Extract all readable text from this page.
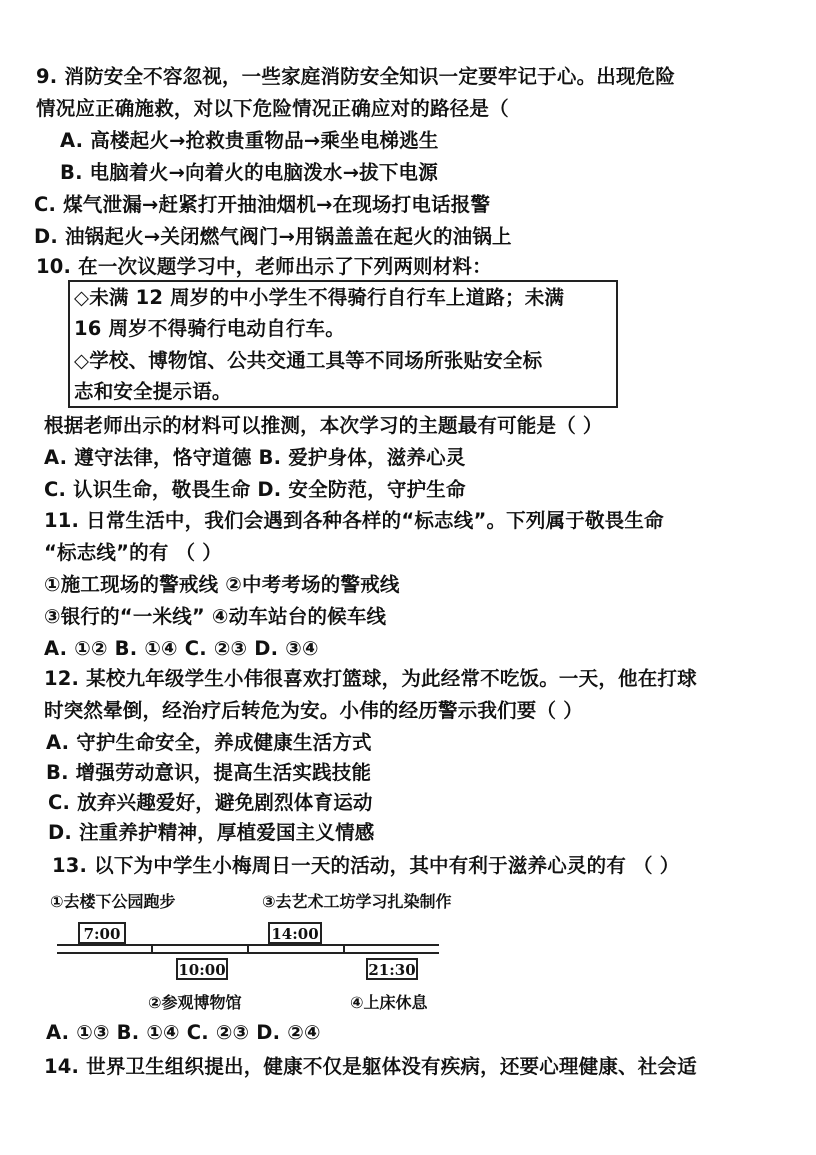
9. 消防安全不容忽视，一些家庭消防安全知识一定要牢记于心。出现危险
情况应正确施救，对以下危险情况正确应对的路径是（
A. 高楼起火→抢救贵重物品→乘坐电梯逃生
B. 电脑着火→向着火的电脑泼水→拔下电源
C. 煤气泄漏→赶紧打开抽油烟机→在现场打电话报警
D. 油锅起火→关闭燃气阀门→用锅盖盖在起火的油锅上
10. 在一次议题学习中，老师出示了下列两则材料：
◇未满 12 周岁的中小学生不得骑行自行车上道路；未满
16 周岁不得骑行电动自行车。
◇学校、博物馆、公共交通工具等不同场所张贴安全标
志和安全提示语。
根据老师出示的材料可以推测，本次学习的主题最有可能是（ ）
A. 遵守法律，恪守道德 B. 爱护身体，滋养心灵
C. 认识生命，敬畏生命 D. 安全防范，守护生命
11. 日常生活中，我们会遇到各种各样的“标志线”。下列属于敬畏生命
“标志线”的有 （ ）
①施工现场的警戒线 ②中考考场的警戒线
③银行的“一米线” ④动车站台的候车线
A. ①② B. ①④ C. ②③ D. ③④
12. 某校九年级学生小伟很喜欢打篮球，为此经常不吃饭。一天，他在打球
时突然晕倒，经治疗后转危为安。小伟的经历警示我们要（ ）
A. 守护生命安全，养成健康生活方式
B. 增强劳动意识，提高生活实践技能
C. 放弃兴趣爱好，避免剧烈体育运动
D. 注重养护精神，厚植爱国主义情感
13. 以下为中学生小梅周日一天的活动，其中有利于滋养心灵的有 （ ）
①去楼下公园跑步	③去艺术工坊学习扎染制作
7:00	14:00
10:00	21:30
②参观博物馆	④上床休息
A. ①③ B. ①④ C. ②③ D. ②④
14. 世界卫生组织提出，健康不仅是躯体没有疾病，还要心理健康、社会适
